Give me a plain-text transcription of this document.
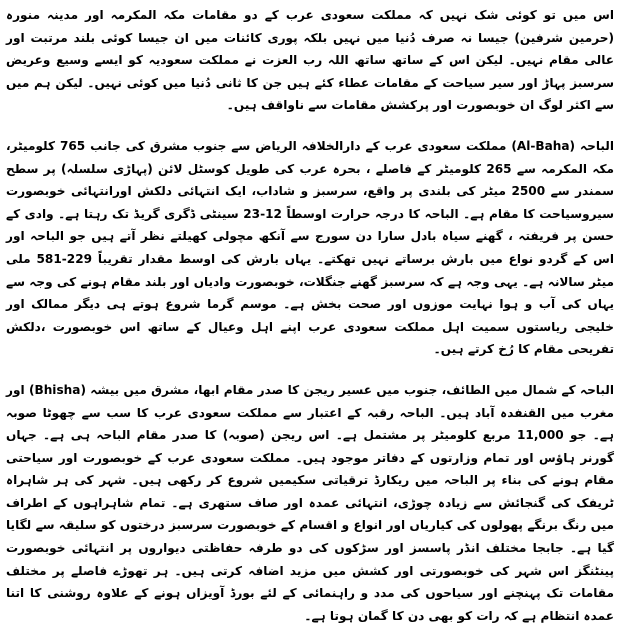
اس میں تو کوئی شک نہیں کہ مملکت سعودی عرب کے دو مقامات مکہ المکرمہ اور مدینہ منورہ (حرمین شرفین) جیسا نہ صرف دُنیا میں نہیں بلکہ پوری کائنات میں ان جیسا کوئی بلند مرتبت اور عالی مقام نہیں۔ لیکن اس کے ساتھ ساتھ اللہ رب العزت نے مملکت سعودیہ کو ایسے وسیع وعریض سرسبز پہاڑ اور سیر سیاحت کے مقامات عطاء کئے ہیں جن کا ثانی دُنیا میں کوئی نہیں۔ لیکن ہم میں سے اکثر لوگ ان خوبصورت اور پرکشش مقامات سے ناواقف ہیں۔

الباحہ (Al-Baha) مملکت سعودی عرب کے دارالخلافہ الریاض سے جنوب مشرق کی جانب 765 کلومیٹر، مکہ المکرمہ سے 265 کلومیٹر کے فاصلے ، بحرہ عرب کی طویل کوسٹل لائن (پہاڑی سلسلہ) پر سطح سمندر سے 2500 میٹر کی بلندی پر واقع، سرسبز و شاداب، ایک انتہائی دلکش اورانتہائی خوبصورت سیروسیاحت کا مقام ہے۔ الباحہ کا درجہ حرارت اوسطاً 12-23 سینٹی ڈگری گریڈ تک رہتا ہے۔ وادی کے حسن پر فریفتہ ، گھنے سیاہ بادل سارا دن سورج سے آنکھ مچولی کھیلتے نظر آتے ہیں جو الباحہ اور اس کے گردو نواع میں بارش برساتے نہیں تھکتے۔ یہاں بارش کی اوسط مقدار تقریباً 229-581 ملی میٹر سالانہ ہے۔ یہی وجہ ہے کہ سرسبز گھنے جنگلات، خوبصورت وادیاں اور بلند مقام ہونے کی وجہ سے یہاں کی آب و ہوا نہایت موزوں اور صحت بخش ہے۔ موسم گرما شروع ہوتے ہی دیگر ممالک اور خلیجی ریاستوں سمیت اہل مملکت سعودی عرب اپنے اہل وعیال کے ساتھ اس خوبصورت ،دلکش تفریحی مقام کا رُخ کرتے ہیں۔

الباحہ کے شمال میں الطائف، جنوب میں عسیر ریجن کا صدر مقام ابھا، مشرق میں بیشہ (Bhisha) اور مغرب میں القنفدہ آباد ہیں۔ الباحہ رقبہ کے اعتبار سے مملکت سعودی عرب کا سب سے چھوٹا صوبہ ہے۔ جو 11,000 مربع کلومیٹر پر مشتمل ہے۔ اس ریجن (صوبہ) کا صدر مقام الباحہ ہی ہے۔ جہاں گورنر ہاؤس اور تمام وزارتوں کے دفاتر موجود ہیں۔ مملکت سعودی عرب کے خوبصورت اور سیاحتی مقام ہونے کی بناء پر الباحہ میں ریکارڈ ترقیاتی سکیمیں شروع کر رکھی ہیں۔ شہر کی ہر شاہراہ ٹریفک کی گنجائش سے زیادہ چوڑی، انتہائی عمدہ اور صاف ستھری ہے۔ تمام شاہراہوں کے اطراف میں رنگ برنگے پھولوں کی کیاریاں اور انواع و اقسام کے خوبصورت سرسبز درختوں کو سلیقہ سے لگایا گیا ہے۔ جابجا مختلف انڈر پاسسز اور سڑکوں کی دو طرفہ حفاظتی دیواروں پر انتہائی خوبصورت پینٹنگز اس شہر کی خوبصورتی اور کشش میں مزید اضافہ کرتی ہیں۔ ہر تھوڑے فاصلے پر مختلف مقامات تک پہنچنے اور سیاحوں کی مدد و راہنمائی کے لئے بورڈ آویزاں ہونے کے علاوہ روشنی کا اتنا عمدہ انتظام ہے کہ رات کو بھی دن کا گمان ہوتا ہے۔
